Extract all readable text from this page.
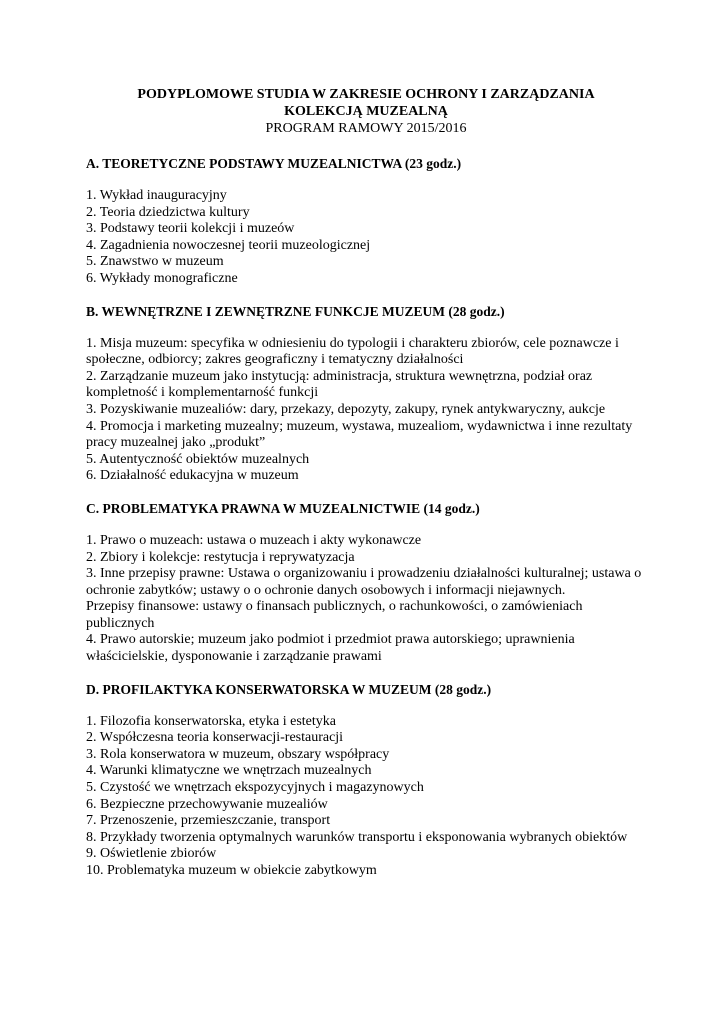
PODYPLOMOWE STUDIA W ZAKRESIE OCHRONY I ZARZĄDZANIA
KOLEKCJĄ MUZEALNĄ
PROGRAM RAMOWY 2015/2016
A. TEORETYCZNE PODSTAWY MUZEALNICTWA (23 godz.)
1. Wykład inauguracyjny
2. Teoria dziedzictwa kultury
3. Podstawy teorii kolekcji i muzeów
4. Zagadnienia nowoczesnej teorii muzeologicznej
5. Znawstwo w muzeum
6. Wykłady monograficzne
B. WEWNĘTRZNE I ZEWNĘTRZNE FUNKCJE MUZEUM (28 godz.)
1. Misja muzeum: specyfika w odniesieniu do typologii i charakteru zbiorów, cele poznawcze i społeczne, odbiorcy; zakres geograficzny i tematyczny działalności
2. Zarządzanie muzeum jako instytucją: administracja, struktura wewnętrzna, podział oraz kompletność i komplementarność funkcji
3. Pozyskiwanie muzealiów: dary, przekazy, depozyty, zakupy, rynek antykwaryczny, aukcje
4. Promocja i marketing muzealny; muzeum, wystawa, muzealiom, wydawnictwa i inne rezultaty pracy muzealnej jako „produkt”
5. Autentyczność obiektów muzealnych
6. Działalność edukacyjna w muzeum
C. PROBLEMATYKA PRAWNA W MUZEALNICTWIE (14 godz.)
1. Prawo o muzeach: ustawa o muzeach i akty wykonawcze
2. Zbiory i kolekcje: restytucja i reprywatyzacja
3. Inne przepisy prawne: Ustawa o organizowaniu i prowadzeniu działalności kulturalnej; ustawa o ochronie zabytków; ustawy o o ochronie danych osobowych i informacji niejawnych.
Przepisy finansowe: ustawy o finansach publicznych, o rachunkowości, o zamówieniach publicznych
4. Prawo autorskie; muzeum jako podmiot i przedmiot prawa autorskiego; uprawnienia właścicielskie, dysponowanie i zarządzanie prawami
D. PROFILAKTYKA KONSERWATORSKA W MUZEUM (28 godz.)
1. Filozofia konserwatorska, etyka i estetyka
2. Współczesna teoria konserwacji-restauracji
3. Rola konserwatora w muzeum, obszary współpracy
4. Warunki klimatyczne we wnętrzach muzealnych
5. Czystość we wnętrzach ekspozycyjnych i magazynowych
6. Bezpieczne przechowywanie muzealiów
7. Przenoszenie, przemieszczanie, transport
8. Przykłady tworzenia optymalnych warunków transportu i eksponowania wybranych obiektów
9. Oświetlenie zbiorów
10. Problematyka muzeum w obiekcie zabytkowym
